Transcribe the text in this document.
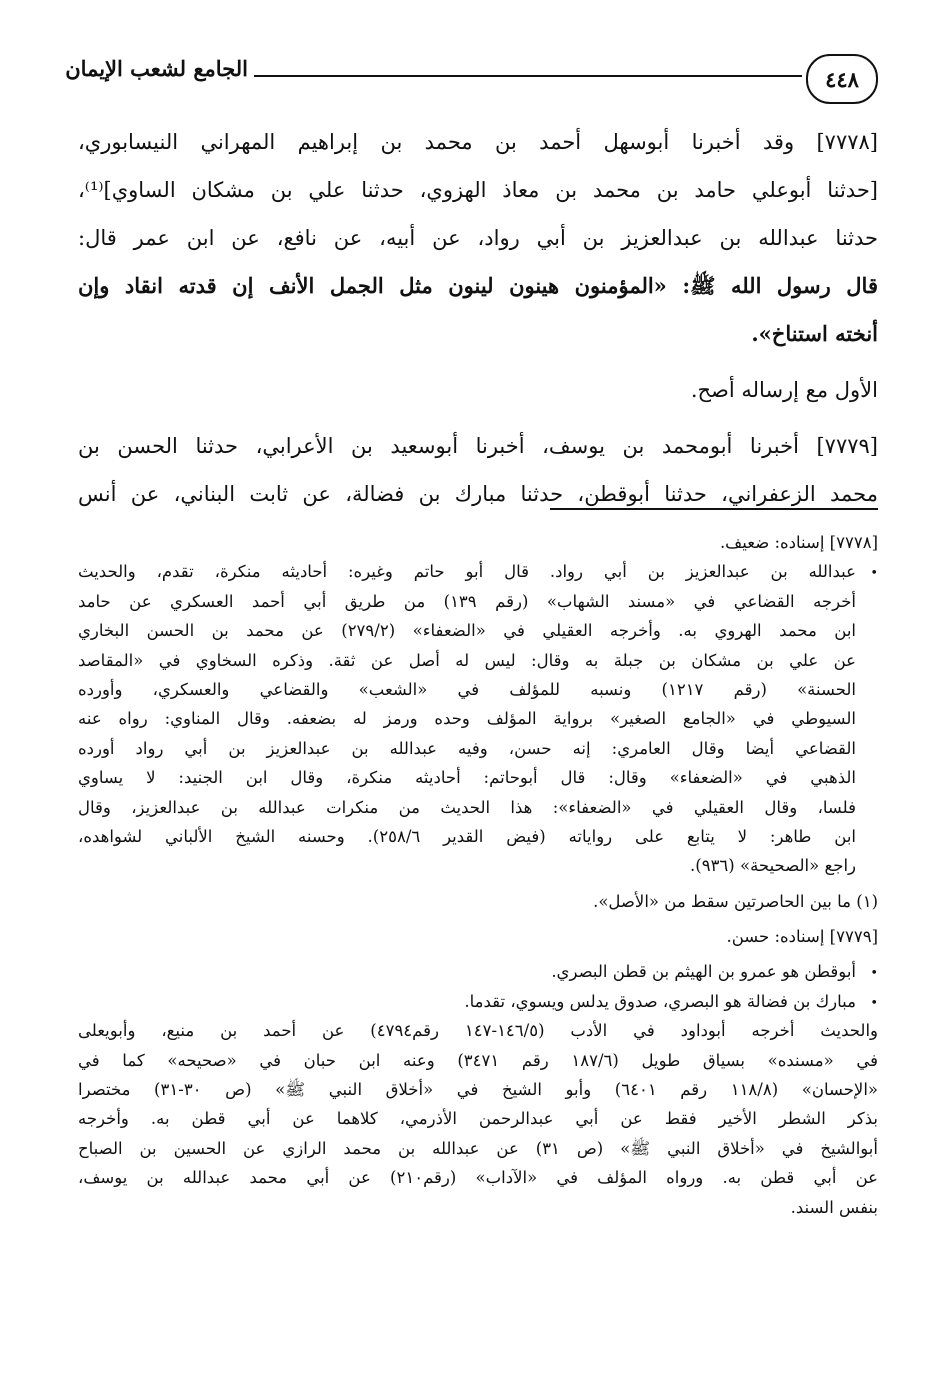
٤٤٨
الجامع لشعب الإيمان
[٧٧٧٨] وقد أخبرنا أبوسهل أحمد بن محمد بن إبراهيم المهراني النيسابوري،
[حدثنا أبوعلي حامد بن محمد بن معاذ الهزوي، حدثنا علي بن مشكان الساوي]⁽¹⁾،
حدثنا عبدالله بن عبدالعزيز بن أبي رواد، عن أبيه، عن نافع، عن ابن عمر قال:
قال رسول الله ﷺ: «المؤمنون هينون لينون مثل الجمل الأنف إن قدته انقاد وإن
أنخته استناخ».
الأول مع إرساله أصح.
[٧٧٧٩] أخبرنا أبومحمد بن يوسف، أخبرنا أبوسعيد بن الأعرابي، حدثنا الحسن بن
محمد الزعفراني، حدثنا أبوقطن، حدثنا مبارك بن فضالة، عن ثابت البناني، عن أنس
[٧٧٧٨] إسناده: ضعيف.
•عبدالله بن عبدالعزيز بن أبي رواد. قال أبو حاتم وغيره: أحاديثه منكرة، تقدم، والحديث
أخرجه القضاعي في «مسند الشهاب» (رقم ١٣٩) من طريق أبي أحمد العسكري عن حامد
ابن محمد الهروي به. وأخرجه العقيلي في «الضعفاء» (٢٧٩/٢) عن محمد بن الحسن البخاري
عن علي بن مشكان بن جبلة به وقال: ليس له أصل عن ثقة. وذكره السخاوي في «المقاصد
الحسنة» (رقم ١٢١٧) ونسبه للمؤلف في «الشعب» والقضاعي والعسكري، وأورده
السيوطي في «الجامع الصغير» برواية المؤلف وحده ورمز له بضعفه. وقال المناوي: رواه عنه
القضاعي أيضا وقال العامري: إنه حسن، وفيه عبدالله بن عبدالعزيز بن أبي رواد أورده
الذهبي في «الضعفاء» وقال: قال أبوحاتم: أحاديثه منكرة، وقال ابن الجنيد: لا يساوي
فلسا، وقال العقيلي في «الضعفاء»: هذا الحديث من منكرات عبدالله بن عبدالعزيز، وقال
ابن طاهر: لا يتابع على رواياته (فيض القدير ٢٥٨/٦). وحسنه الشيخ الألباني لشواهده،
راجع «الصحيحة» (٩٣٦).
(١) ما بين الحاصرتين سقط من «الأصل».
[٧٧٧٩] إسناده: حسن.
•أبوقطن هو عمرو بن الهيثم بن قطن البصري.
•مبارك بن فضالة هو البصري، صدوق يدلس ويسوي، تقدما.
والحديث أخرجه أبوداود في الأدب (١٤٦/٥-١٤٧ رقم٤٧٩٤) عن أحمد بن منيع، وأبويعلى
في «مسنده» بسياق طويل (١٨٧/٦ رقم ٣٤٧١) وعنه ابن حبان في «صحيحه» كما في
«الإحسان» (١١٨/٨ رقم ٦٤٠١) وأبو الشيخ في «أخلاق النبي ﷺ» (ص ٣٠-٣١) مختصرا
بذكر الشطر الأخير فقط عن أبي عبدالرحمن الأذرمي، كلاهما عن أبي قطن به. وأخرجه
أبوالشيخ في «أخلاق النبي ﷺ» (ص ٣١) عن عبدالله بن محمد الرازي عن الحسين بن الصباح
عن أبي قطن به. ورواه المؤلف في «الآداب» (رقم٢١٠) عن أبي محمد عبدالله بن يوسف،
بنفس السند.
